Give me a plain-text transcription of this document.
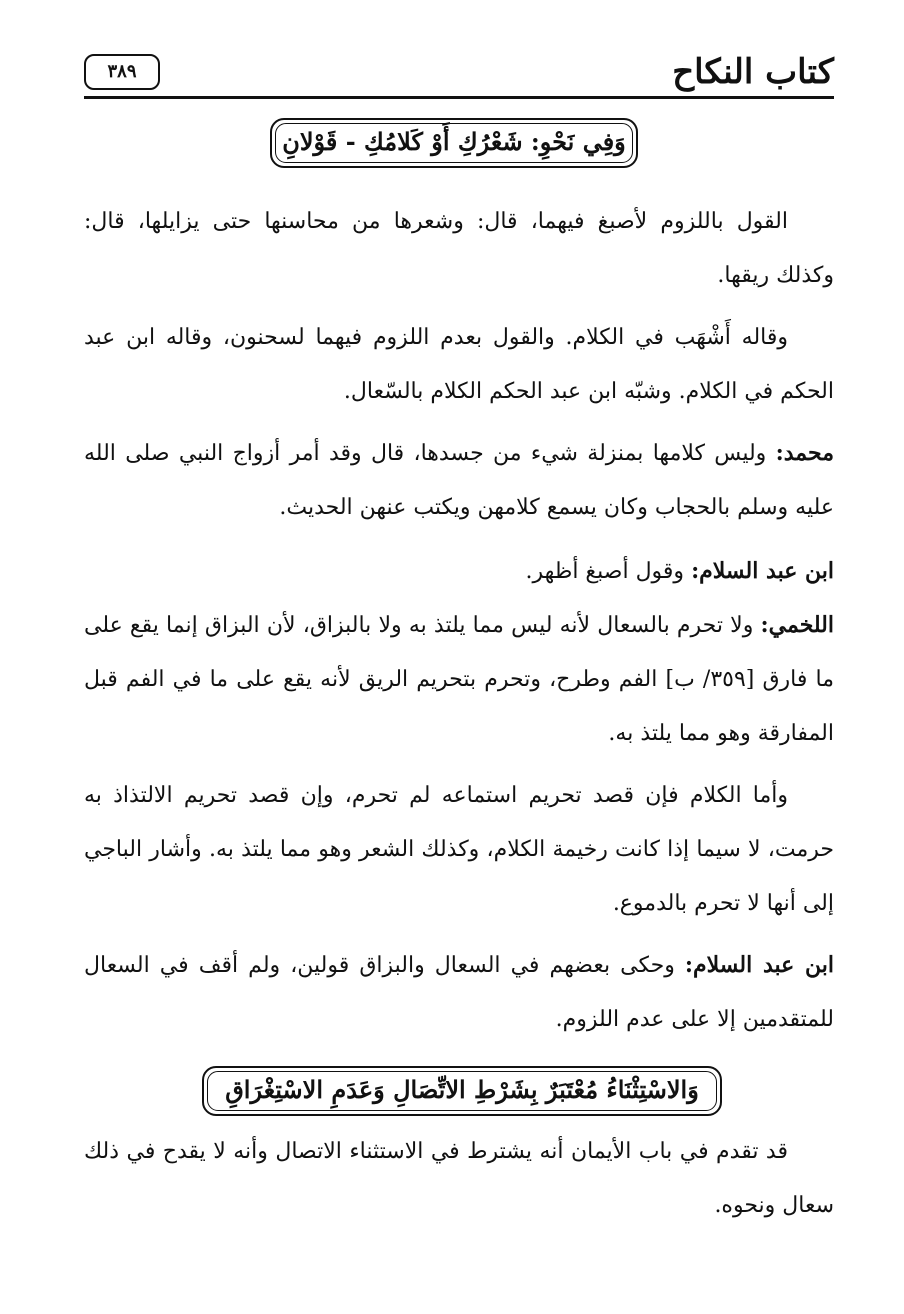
كتاب النكاح
٣٨٩
وَفِي نَحْوِ: شَعْرُكِ أَوْ كَلامُكِ - قَوْلانِ

القول باللزوم لأصبغ فيهما، قال: وشعرها من محاسنها حتى يزايلها، قال: وكذلك ريقها.

وقاله أَشْهَب في الكلام. والقول بعدم اللزوم فيهما لسحنون، وقاله ابن عبد الحكم في الكلام. وشبّه ابن عبد الحكم الكلام بالسّعال.

محمد: وليس كلامها بمنزلة شيء من جسدها، قال وقد أمر أزواج النبي صلى الله عليه وسلم بالحجاب وكان يسمع كلامهن ويكتب عنهن الحديث.

ابن عبد السلام: وقول أصبغ أظهر.

اللخمي: ولا تحرم بالسعال لأنه ليس مما يلتذ به ولا بالبزاق، لأن البزاق إنما يقع على ما فارق [٣٥٩/ ب] الفم وطرح، وتحرم بتحريم الريق لأنه يقع على ما في الفم قبل المفارقة وهو مما يلتذ به.

وأما الكلام فإن قصد تحريم استماعه لم تحرم، وإن قصد تحريم الالتذاذ به حرمت، لا سيما إذا كانت رخيمة الكلام، وكذلك الشعر وهو مما يلتذ به. وأشار الباجي إلى أنها لا تحرم بالدموع.

ابن عبد السلام: وحكى بعضهم في السعال والبزاق قولين، ولم أقف في السعال للمتقدمين إلا على عدم اللزوم.

وَالاسْتِثْنَاءُ مُعْتَبَرٌ بِشَرْطِ الاتِّصَالِ وَعَدَمِ الاسْتِغْرَاقِ

قد تقدم في باب الأيمان أنه يشترط في الاستثناء الاتصال وأنه لا يقدح في ذلك سعال ونحوه.
